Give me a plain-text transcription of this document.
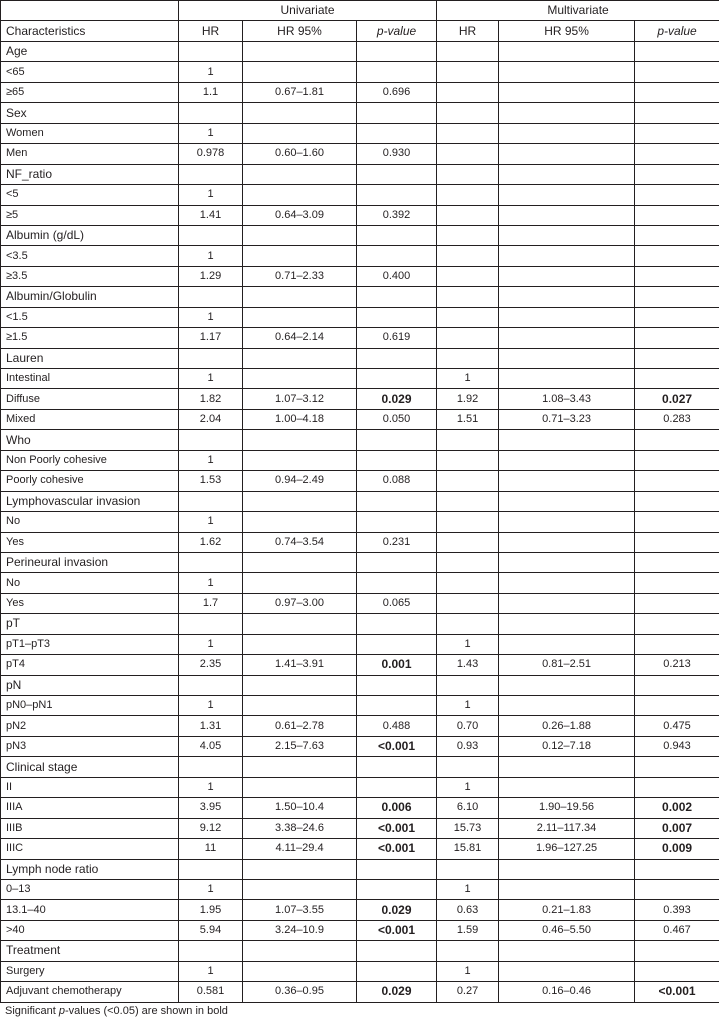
	Univariate			Multivariate		
Characteristics	HR	HR 95%	p-value	HR	HR 95%	p-value
Age						
<65	1					
≥65	1.1	0.67–1.81	0.696			
Sex						
Women	1					
Men	0.978	0.60–1.60	0.930			
NF_ratio						
<5	1					
≥5	1.41	0.64–3.09	0.392			
Albumin (g/dL)						
<3.5	1					
≥3.5	1.29	0.71–2.33	0.400			
Albumin/Globulin						
<1.5	1					
≥1.5	1.17	0.64–2.14	0.619			
Lauren						
Intestinal	1			1		
Diffuse	1.82	1.07–3.12	0.029	1.92	1.08–3.43	0.027
Mixed	2.04	1.00–4.18	0.050	1.51	0.71–3.23	0.283
Who						
Non Poorly cohesive	1					
Poorly cohesive	1.53	0.94–2.49	0.088			
Lymphovascular invasion						
No	1					
Yes	1.62	0.74–3.54	0.231			
Perineural invasion						
No	1					
Yes	1.7	0.97–3.00	0.065			
pT						
pT1–pT3	1			1		
pT4	2.35	1.41–3.91	0.001	1.43	0.81–2.51	0.213
pN						
pN0–pN1	1			1		
pN2	1.31	0.61–2.78	0.488	0.70	0.26–1.88	0.475
pN3	4.05	2.15–7.63	<0.001	0.93	0.12–7.18	0.943
Clinical stage						
II	1			1		
IIIA	3.95	1.50–10.4	0.006	6.10	1.90–19.56	0.002
IIIB	9.12	3.38–24.6	<0.001	15.73	2.11–117.34	0.007
IIIC	11	4.11–29.4	<0.001	15.81	1.96–127.25	0.009
Lymph node ratio						
0–13	1			1		
13.1–40	1.95	1.07–3.55	0.029	0.63	0.21–1.83	0.393
>40	5.94	3.24–10.9	<0.001	1.59	0.46–5.50	0.467
Treatment						
Surgery	1			1		
Adjuvant chemotherapy	0.581	0.36–0.95	0.029	0.27	0.16–0.46	<0.001
Significant p-values (<0.05) are shown in bold
